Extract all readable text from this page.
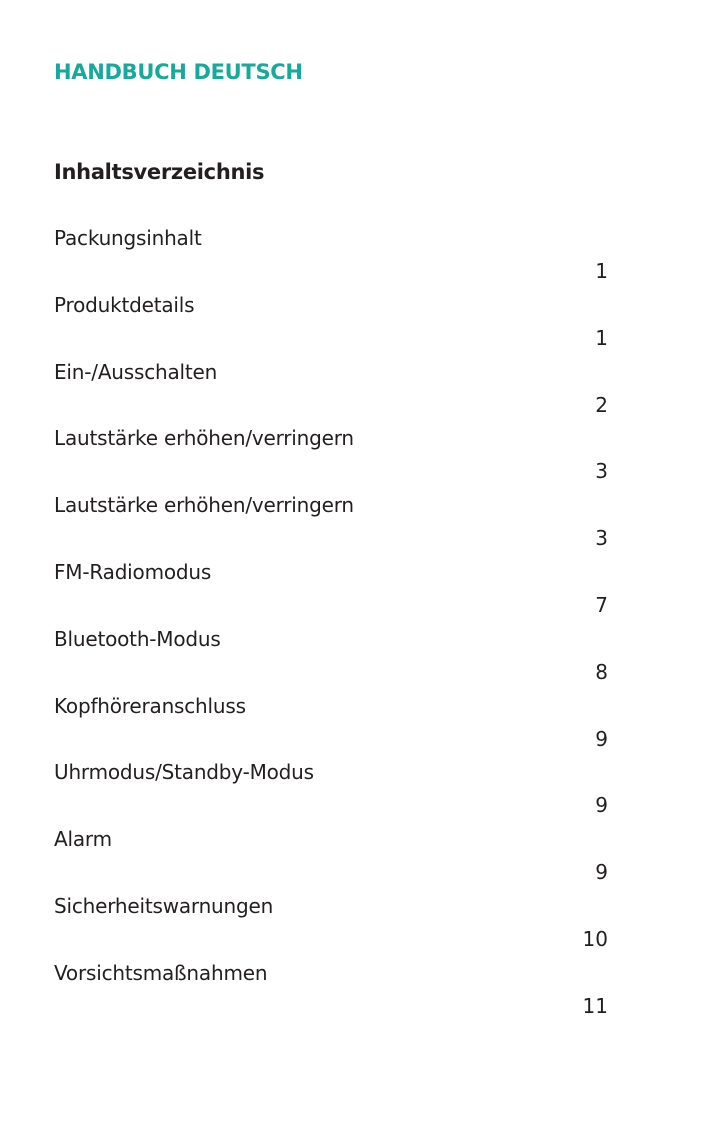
HANDBUCH DEUTSCH
Inhaltsverzeichnis
Packungsinhalt
1
Produktdetails
1
Ein-/Ausschalten
2
Lautstärke erhöhen/verringern
3
Lautstärke erhöhen/verringern
3
FM-Radiomodus
7
Bluetooth-Modus
8
Kopfhöreranschluss
9
Uhrmodus/Standby-Modus
9
Alarm
9
Sicherheitswarnungen
10
Vorsichtsmaßnahmen
11
